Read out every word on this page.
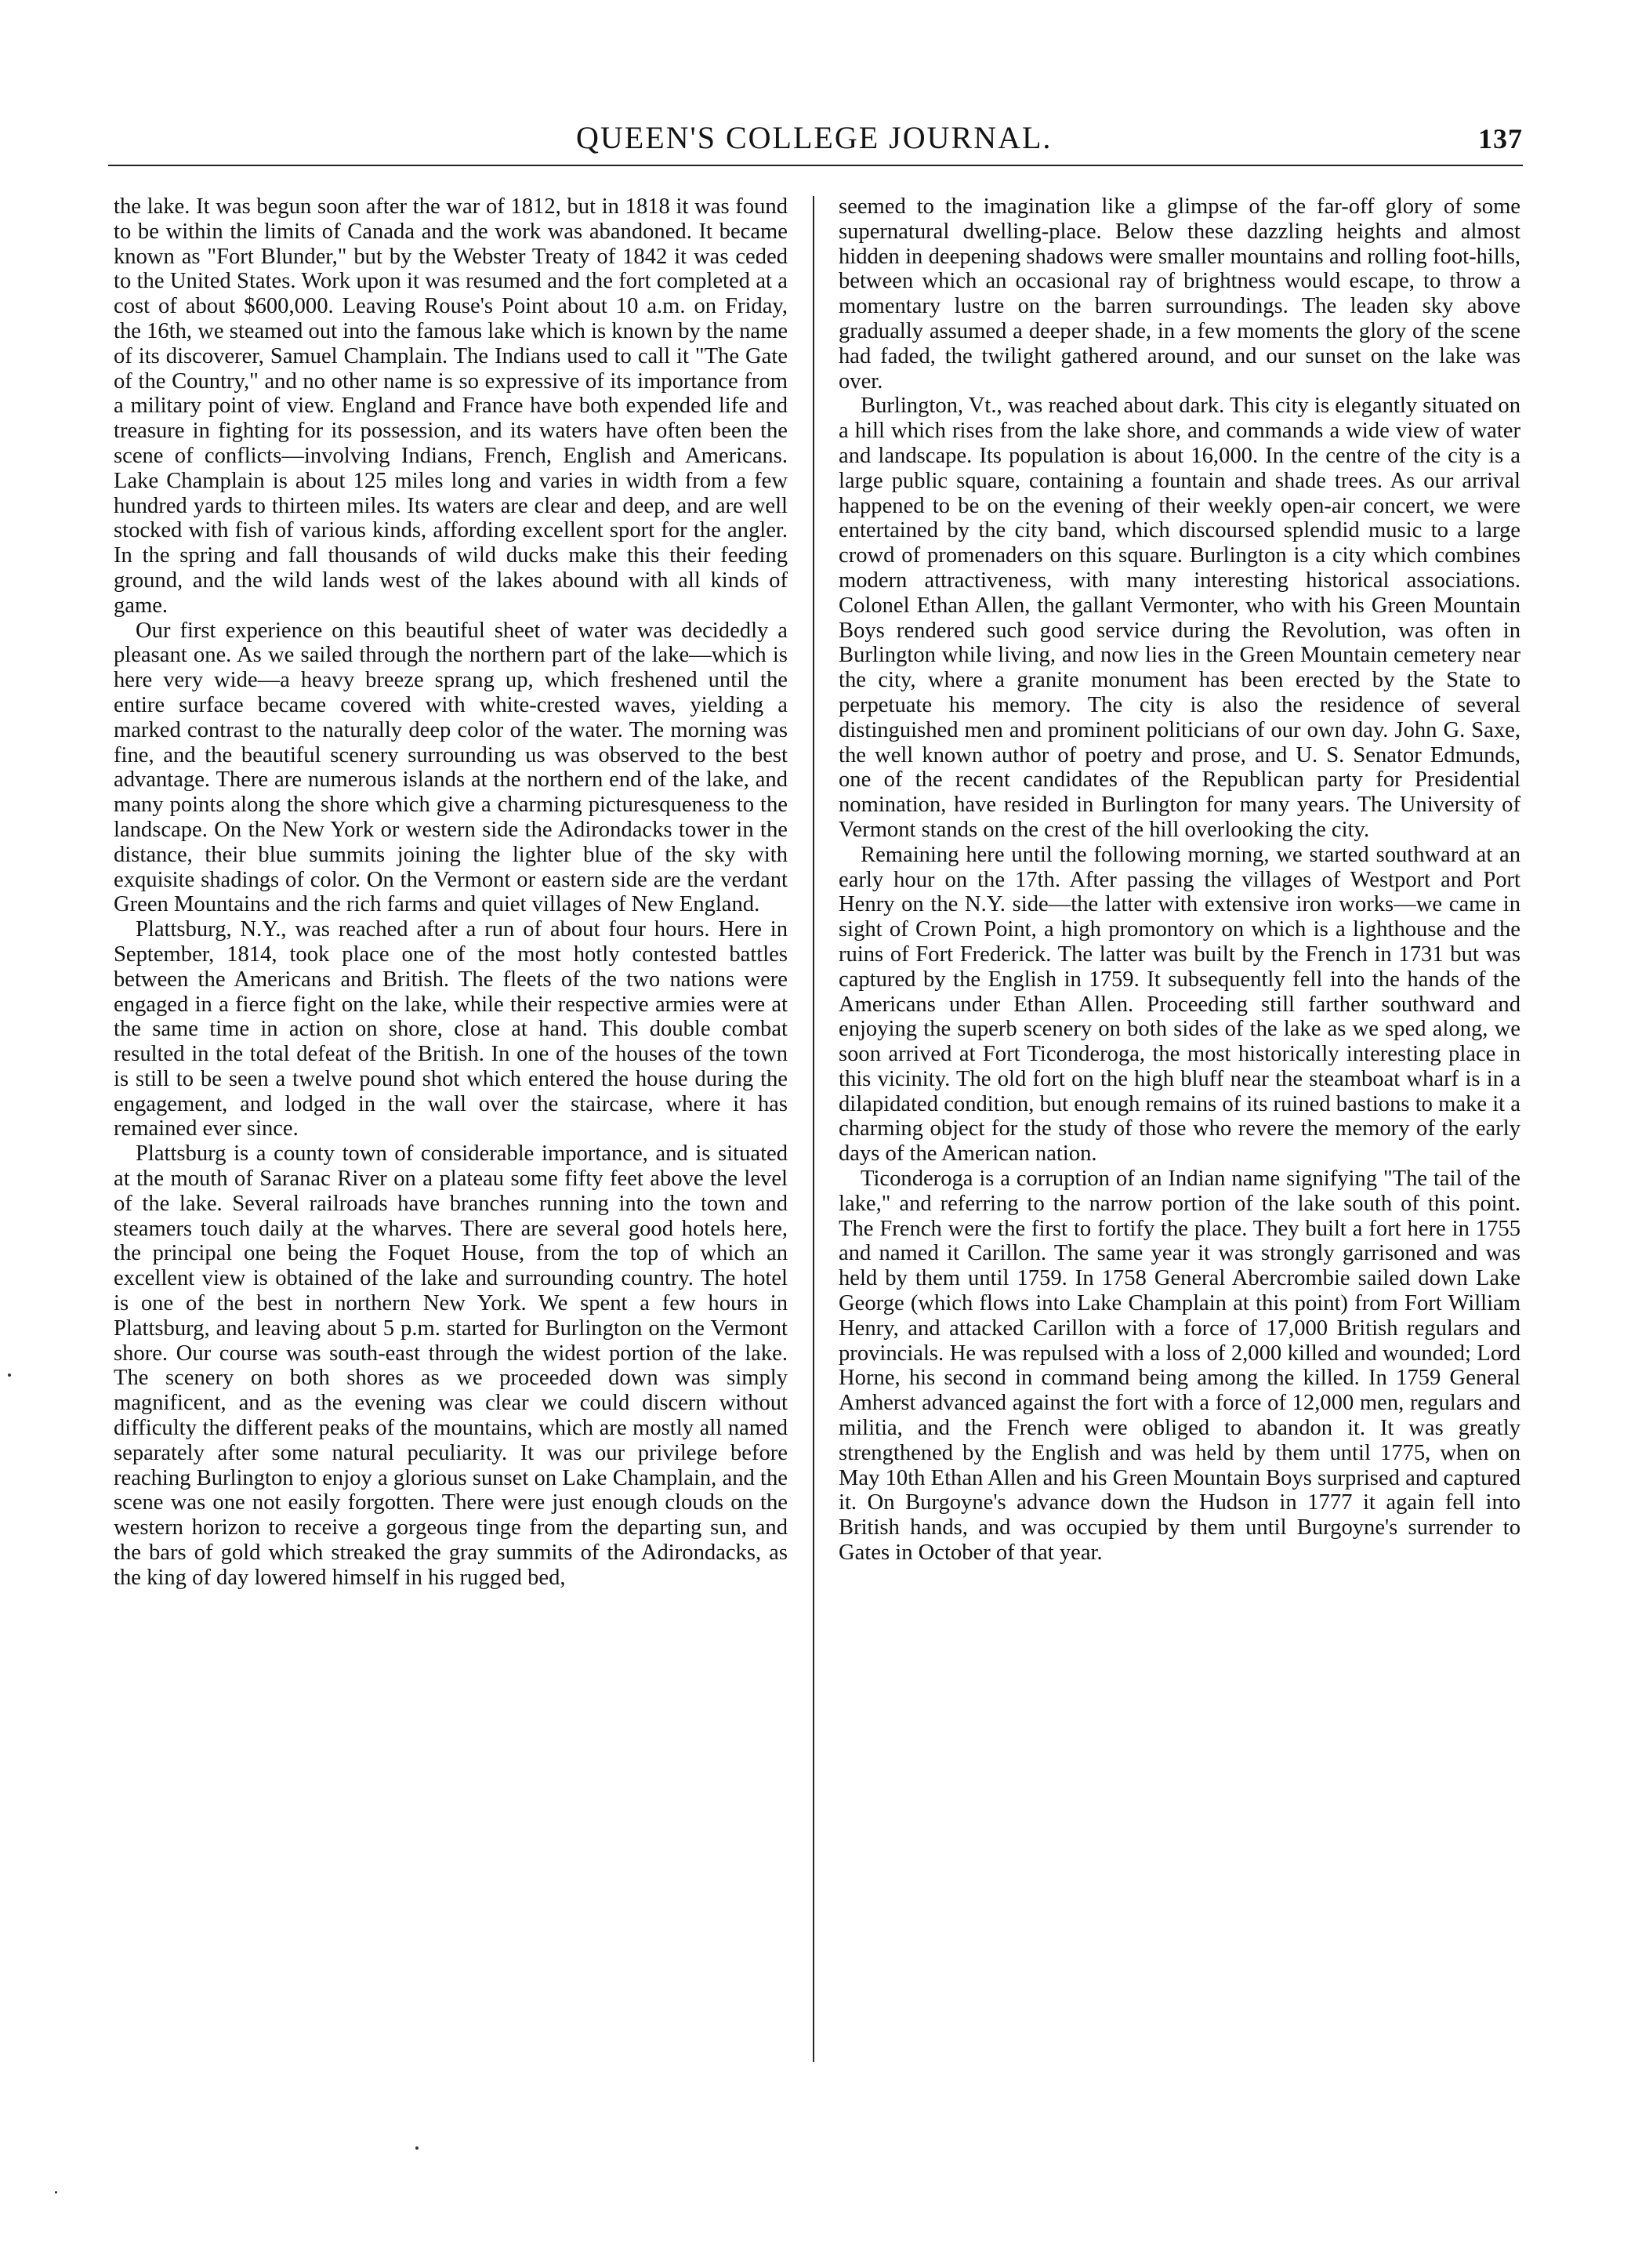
QUEEN'S COLLEGE JOURNAL.	137

the lake. It was begun soon after the war of 1812, but in 1818 it was found to be within the limits of Canada and the work was abandoned. It became known as "Fort Blunder," but by the Webster Treaty of 1842 it was ceded to the United States. Work upon it was resumed and the fort completed at a cost of about $600,000. Leaving Rouse's Point about 10 a.m. on Friday, the 16th, we steamed out into the famous lake which is known by the name of its discoverer, Samuel Champlain. The Indians used to call it "The Gate of the Country," and no other name is so expressive of its importance from a military point of view. England and France have both expended life and treasure in fighting for its possession, and its waters have often been the scene of conflicts—involving Indians, French, English and Americans. Lake Champlain is about 125 miles long and varies in width from a few hundred yards to thirteen miles. Its waters are clear and deep, and are well stocked with fish of various kinds, affording excellent sport for the angler. In the spring and fall thousands of wild ducks make this their feeding ground, and the wild lands west of the lakes abound with all kinds of game.

Our first experience on this beautiful sheet of water was decidedly a pleasant one. As we sailed through the northern part of the lake—which is here very wide—a heavy breeze sprang up, which freshened until the entire surface became covered with white-crested waves, yielding a marked contrast to the naturally deep color of the water. The morning was fine, and the beautiful scenery surrounding us was observed to the best advantage. There are numerous islands at the northern end of the lake, and many points along the shore which give a charming picturesqueness to the landscape. On the New York or western side the Adirondacks tower in the distance, their blue summits joining the lighter blue of the sky with exquisite shadings of color. On the Vermont or eastern side are the verdant Green Mountains and the rich farms and quiet villages of New England.

Plattsburg, N.Y., was reached after a run of about four hours. Here in September, 1814, took place one of the most hotly contested battles between the Americans and British. The fleets of the two nations were engaged in a fierce fight on the lake, while their respective armies were at the same time in action on shore, close at hand. This double combat resulted in the total defeat of the British. In one of the houses of the town is still to be seen a twelve pound shot which entered the house during the engagement, and lodged in the wall over the staircase, where it has remained ever since.

Plattsburg is a county town of considerable importance, and is situated at the mouth of Saranac River on a plateau some fifty feet above the level of the lake. Several railroads have branches running into the town and steamers touch daily at the wharves. There are several good hotels here, the principal one being the Foquet House, from the top of which an excellent view is obtained of the lake and surrounding country. The hotel is one of the best in northern New York. We spent a few hours in Plattsburg, and leaving about 5 p.m. started for Burlington on the Vermont shore. Our course was south-east through the widest portion of the lake. The scenery on both shores as we proceeded down was simply magnificent, and as the evening was clear we could discern without difficulty the different peaks of the mountains, which are mostly all named separately after some natural peculiarity. It was our privilege before reaching Burlington to enjoy a glorious sunset on Lake Champlain, and the scene was one not easily forgotten. There were just enough clouds on the western horizon to receive a gorgeous tinge from the departing sun, and the bars of gold which streaked the gray summits of the Adirondacks, as the king of day lowered himself in his rugged bed,

seemed to the imagination like a glimpse of the far-off glory of some supernatural dwelling-place. Below these dazzling heights and almost hidden in deepening shadows were smaller mountains and rolling foot-hills, between which an occasional ray of brightness would escape, to throw a momentary lustre on the barren surroundings. The leaden sky above gradually assumed a deeper shade, in a few moments the glory of the scene had faded, the twilight gathered around, and our sunset on the lake was over.

Burlington, Vt., was reached about dark. This city is elegantly situated on a hill which rises from the lake shore, and commands a wide view of water and landscape. Its population is about 16,000. In the centre of the city is a large public square, containing a fountain and shade trees. As our arrival happened to be on the evening of their weekly open-air concert, we were entertained by the city band, which discoursed splendid music to a large crowd of promenaders on this square. Burlington is a city which combines modern attractiveness, with many interesting historical associations. Colonel Ethan Allen, the gallant Vermonter, who with his Green Mountain Boys rendered such good service during the Revolution, was often in Burlington while living, and now lies in the Green Mountain cemetery near the city, where a granite monument has been erected by the State to perpetuate his memory. The city is also the residence of several distinguished men and prominent politicians of our own day. John G. Saxe, the well known author of poetry and prose, and U. S. Senator Edmunds, one of the recent candidates of the Republican party for Presidential nomination, have resided in Burlington for many years. The University of Vermont stands on the crest of the hill overlooking the city.

Remaining here until the following morning, we started southward at an early hour on the 17th. After passing the villages of Westport and Port Henry on the N.Y. side—the latter with extensive iron works—we came in sight of Crown Point, a high promontory on which is a lighthouse and the ruins of Fort Frederick. The latter was built by the French in 1731 but was captured by the English in 1759. It subsequently fell into the hands of the Americans under Ethan Allen. Proceeding still farther southward and enjoying the superb scenery on both sides of the lake as we sped along, we soon arrived at Fort Ticonderoga, the most historically interesting place in this vicinity. The old fort on the high bluff near the steamboat wharf is in a dilapidated condition, but enough remains of its ruined bastions to make it a charming object for the study of those who revere the memory of the early days of the American nation.

Ticonderoga is a corruption of an Indian name signifying "The tail of the lake," and referring to the narrow portion of the lake south of this point. The French were the first to fortify the place. They built a fort here in 1755 and named it Carillon. The same year it was strongly garrisoned and was held by them until 1759. In 1758 General Abercrombie sailed down Lake George (which flows into Lake Champlain at this point) from Fort William Henry, and attacked Carillon with a force of 17,000 British regulars and provincials. He was repulsed with a loss of 2,000 killed and wounded; Lord Horne, his second in command being among the killed. In 1759 General Amherst advanced against the fort with a force of 12,000 men, regulars and militia, and the French were obliged to abandon it. It was greatly strengthened by the English and was held by them until 1775, when on May 10th Ethan Allen and his Green Mountain Boys surprised and captured it. On Burgoyne's advance down the Hudson in 1777 it again fell into British hands, and was occupied by them until Burgoyne's surrender to Gates in October of that year.
